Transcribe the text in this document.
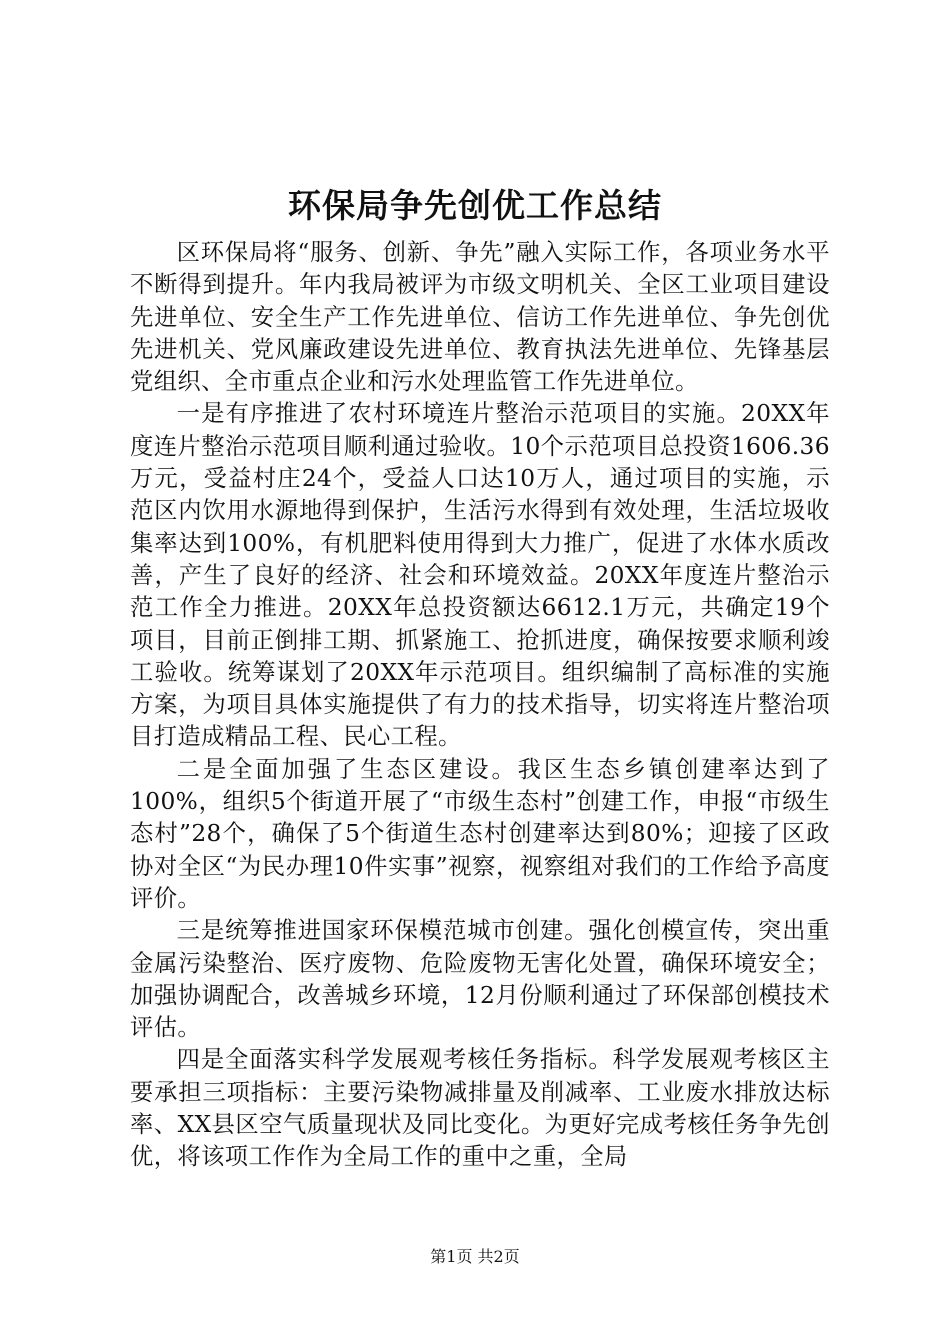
环保局争先创优工作总结

区环保局将“服务、创新、争先”融入实际工作，各项业务水平不断得到提升。年内我局被评为市级文明机关、全区工业项目建设先进单位、安全生产工作先进单位、信访工作先进单位、争先创优先进机关、党风廉政建设先进单位、教育执法先进单位、先锋基层党组织、全市重点企业和污水处理监管工作先进单位。

一是有序推进了农村环境连片整治示范项目的实施。20XX年度连片整治示范项目顺利通过验收。10个示范项目总投资1606.36万元，受益村庄24个，受益人口达10万人，通过项目的实施，示范区内饮用水源地得到保护，生活污水得到有效处理，生活垃圾收集率达到100%，有机肥料使用得到大力推广，促进了水体水质改善，产生了良好的经济、社会和环境效益。20XX年度连片整治示范工作全力推进。20XX年总投资额达6612.1万元，共确定19个项目，目前正倒排工期、抓紧施工、抢抓进度，确保按要求顺利竣工验收。统筹谋划了20XX年示范项目。组织编制了高标准的实施方案，为项目具体实施提供了有力的技术指导，切实将连片整治项目打造成精品工程、民心工程。

二是全面加强了生态区建设。我区生态乡镇创建率达到了100%，组织5个街道开展了“市级生态村”创建工作，申报“市级生态村”28个，确保了5个街道生态村创建率达到80%；迎接了区政协对全区“为民办理10件实事”视察，视察组对我们的工作给予高度评价。

三是统筹推进国家环保模范城市创建。强化创模宣传，突出重金属污染整治、医疗废物、危险废物无害化处置，确保环境安全；加强协调配合，改善城乡环境，12月份顺利通过了环保部创模技术评估。

四是全面落实科学发展观考核任务指标。科学发展观考核区主要承担三项指标：主要污染物减排量及削减率、工业废水排放达标率、XX县区空气质量现状及同比变化。为更好完成考核任务争先创优，将该项工作作为全局工作的重中之重，全局

第1页 共2页
